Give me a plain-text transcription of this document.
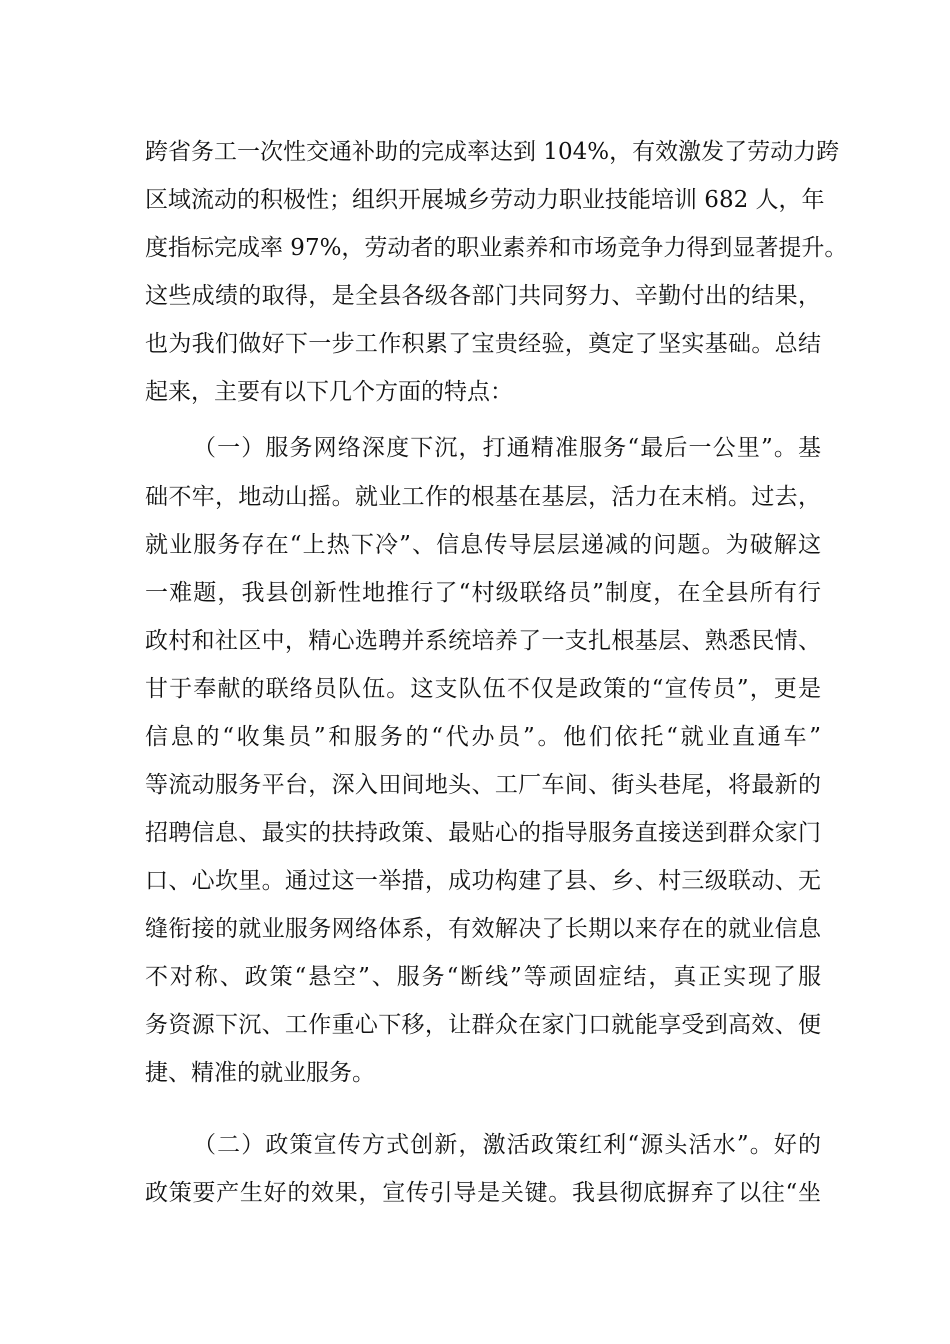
跨省务工一次性交通补助的完成率达到 104%，有效激发了劳动力跨
区域流动的积极性；组织开展城乡劳动力职业技能培训 682 人，年
度指标完成率 97%，劳动者的职业素养和市场竞争力得到显著提升。
这些成绩的取得，是全县各级各部门共同努力、辛勤付出的结果，
也为我们做好下一步工作积累了宝贵经验，奠定了坚实基础。总结
起来，主要有以下几个方面的特点：
（一）服务网络深度下沉，打通精准服务“最后一公里”。基
础不牢，地动山摇。就业工作的根基在基层，活力在末梢。过去，
就业服务存在“上热下冷”、信息传导层层递减的问题。为破解这
一难题，我县创新性地推行了“村级联络员”制度，在全县所有行
政村和社区中，精心选聘并系统培养了一支扎根基层、熟悉民情、
甘于奉献的联络员队伍。这支队伍不仅是政策的“宣传员”，更是
信息的“收集员”和服务的“代办员”。他们依托“就业直通车”
等流动服务平台，深入田间地头、工厂车间、街头巷尾，将最新的
招聘信息、最实的扶持政策、最贴心的指导服务直接送到群众家门
口、心坎里。通过这一举措，成功构建了县、乡、村三级联动、无
缝衔接的就业服务网络体系，有效解决了长期以来存在的就业信息
不对称、政策“悬空”、服务“断线”等顽固症结，真正实现了服
务资源下沉、工作重心下移，让群众在家门口就能享受到高效、便
捷、精准的就业服务。
（二）政策宣传方式创新，激活政策红利“源头活水”。好的
政策要产生好的效果，宣传引导是关键。我县彻底摒弃了以往“坐
